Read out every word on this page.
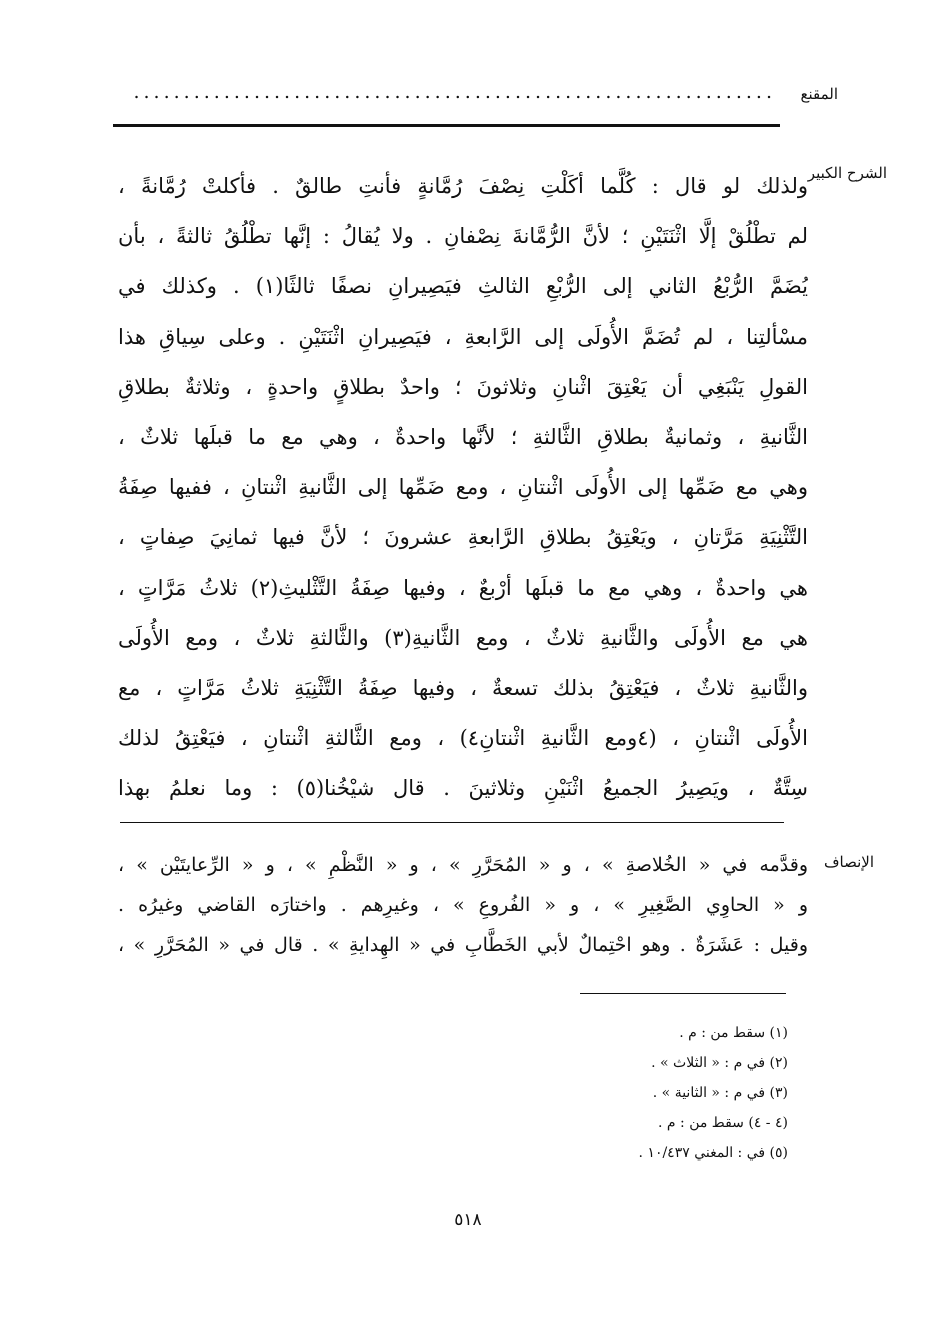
المقنع
................................................................
الشرح الكبير
ولذلك لو قال : كُلَّما أكَلْتِ نِصْفَ رُمَّانةٍ فأنتِ طالقٌ . فأكلتْ رُمَّانةً ،
لم تطْلُقْ إلَّا اثْنَتَيْنِ ؛ لأنَّ الرُّمَّانةَ نِصْفانِ . ولا يُقالُ : إنَّها تطْلُقُ ثالثةً ، بأن
يُضَمَّ الرُّبْعُ الثاني إلى الرُّبْعِ الثالثِ فيَصِيرانِ نصفًا ثالثًا(١) . وكذلك في
مسْألتِنا ، لم تُضَمَّ الأُولَى إلى الرَّابعةِ ، فيَصِيرانِ اثْنَتَيْنِ . وعلى سِياقِ هذا
القولِ يَنْبَغِي أن يَعْتِقَ اثْنانِ وثلاثونَ ؛ واحدٌ بطلاقٍ واحدةٍ ، وثلاثةٌ بطلاقِ
الثَّانيةِ ، وثمانيةٌ بطلاقِ الثَّالثةِ ؛ لأنَّها واحدةٌ ، وهي مع ما قبلَها ثلاثٌ ،
وهي مع ضَمِّها إلى الأُولَى اثْنتانِ ، ومع ضَمِّها إلى الثَّانيةِ اثْنتانِ ، ففيها صِفَةُ
التَّثْنِيَةِ مَرَّتانِ ، ويَعْتِقُ بطلاقِ الرَّابعةِ عشرونَ ؛ لأنَّ فيها ثمانِيَ صِفاتٍ ،
هي واحدةٌ ، وهي مع ما قبلَها أرْبعٌ ، وفيها صِفَةُ التَّثْليثِ(٢) ثلاثُ مَرَّاتٍ ،
هي مع الأُولَى والثَّانيةِ ثلاثٌ ، ومع الثَّانيةِ(٣) والثَّالثةِ ثلاثٌ ، ومع الأُولَى
والثَّانيةِ ثلاثٌ ، فيَعْتِقُ بذلك تسعةٌ ، وفيها صِفَةُ التَّثْنِيَةِ ثلاثُ مَرَّاتٍ ، مع
الأُولَى اثْنتانِ ، (٤ومع الثَّانيةِ اثْنتانِ٤) ، ومع الثَّالثةِ اثْنتانِ ، فيَعْتِقُ لذلك
سِتَّةٌ ، ويَصِيرُ الجميعُ اثْنَيْنِ وثلاثينَ . قال شيْخُنا(٥) : وما نعلمُ بهذا
الإنصاف
وقدَّمه في « الخُلاصةِ » ، و « المُحَرَّرِ » ، و « النَّظْمِ » ، و « الرِّعايتَيْن » ،
و « الحاوِي الصَّغِيرِ » ، و « الفُروعِ » ، وغيرِهم . واختارَه القاضي وغيرُه .
وقيل : عَشَرَةٌ . وهو احْتِمالٌ لأبي الخَطَّابِ في « الهِدايةِ » . قال في « المُحَرَّرِ » ،
(١) سقط من : م .
(٢) في م : « الثلاث » .
(٣) في م : « الثانية » .
(٤ - ٤) سقط من : م .
(٥) في : المغني ١٠/٤٣٧ .
٥١٨
